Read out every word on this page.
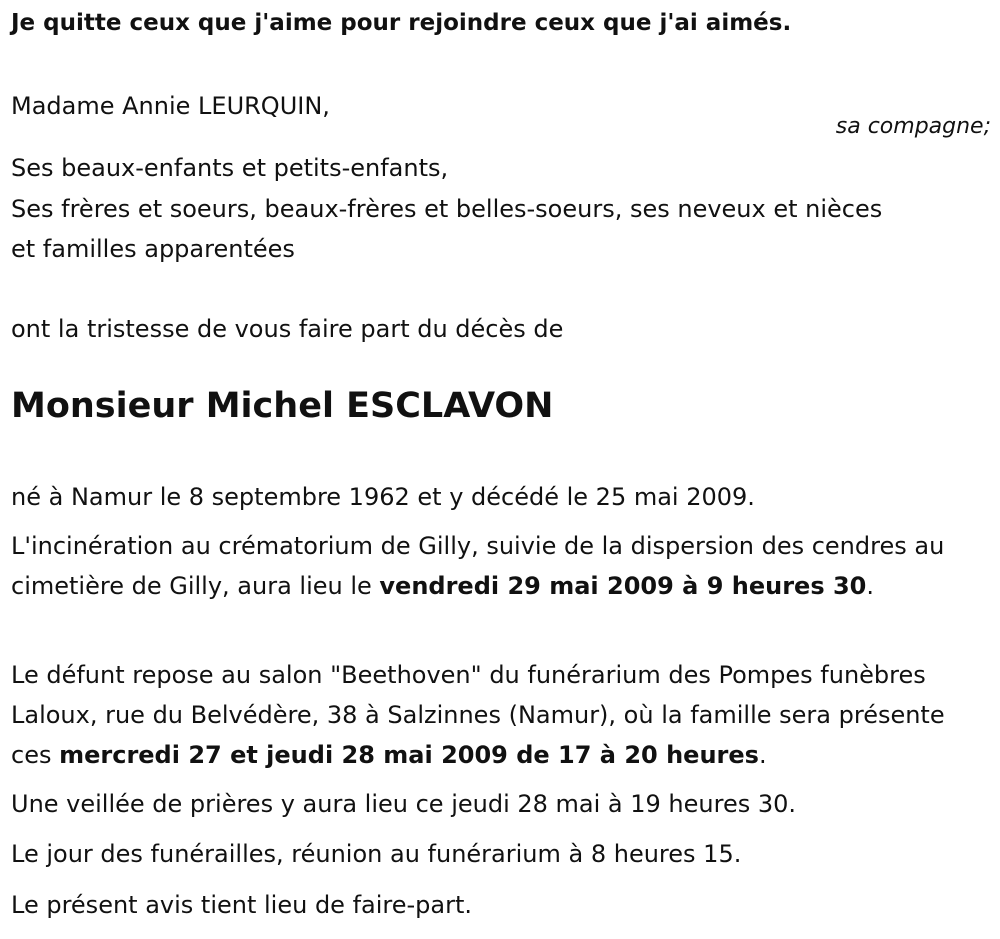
Je quitte ceux que j'aime pour rejoindre ceux que j'ai aimés.
Madame Annie LEURQUIN,
sa compagne;
Ses beaux-enfants et petits-enfants,
Ses frères et soeurs, beaux-frères et belles-soeurs, ses neveux et nièces
et familles apparentées
ont la tristesse de vous faire part du décès de
Monsieur Michel ESCLAVON
né à Namur le 8 septembre 1962 et y décédé le 25 mai 2009.
L'incinération au crématorium de Gilly, suivie de la dispersion des cendres au cimetière de Gilly, aura lieu le vendredi 29 mai 2009 à 9 heures 30.
Le défunt repose au salon "Beethoven" du funérarium des Pompes funèbres Laloux, rue du Belvédère, 38 à Salzinnes (Namur), où la famille sera présente ces mercredi 27 et jeudi 28 mai 2009 de 17 à 20 heures.
Une veillée de prières y aura lieu ce jeudi 28 mai à 19 heures 30.
Le jour des funérailles, réunion au funérarium à 8 heures 15.
Le présent avis tient lieu de faire-part.
